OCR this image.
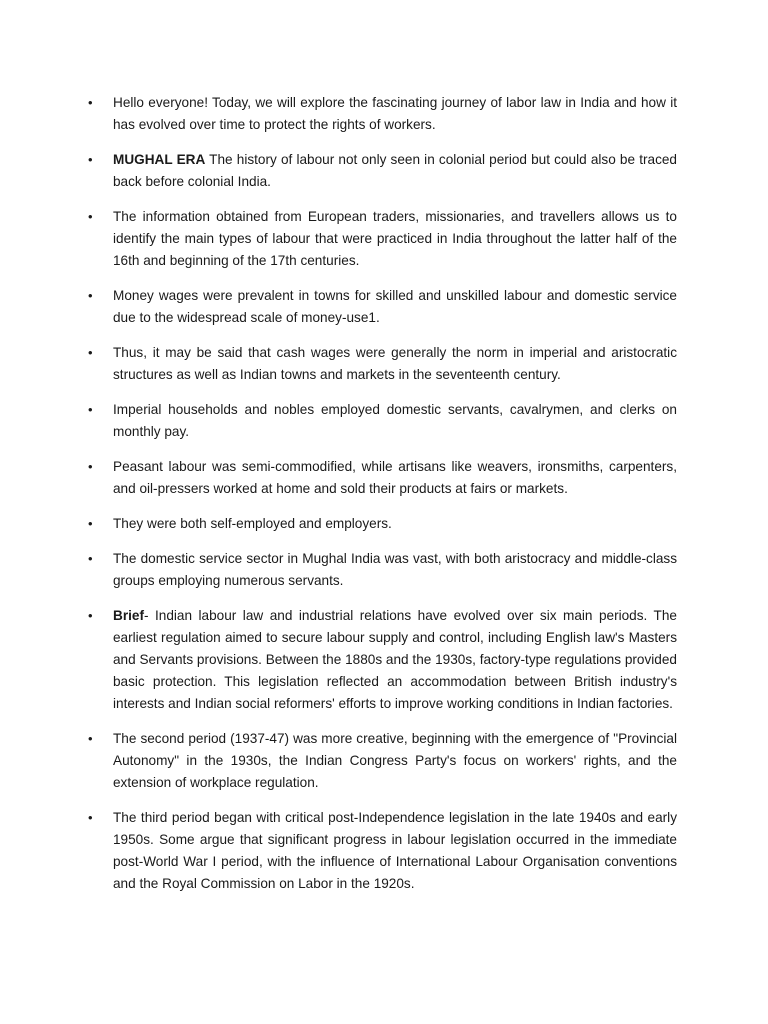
•	Hello everyone! Today, we will explore the fascinating journey of labor law in India and how it has evolved over time to protect the rights of workers.
•	MUGHAL ERA The history of labour not only seen in colonial period but could also be traced back before colonial India.
•	The information obtained from European traders, missionaries, and travellers allows us to identify the main types of labour that were practiced in India throughout the latter half of the 16th and beginning of the 17th centuries.
•	Money wages were prevalent in towns for skilled and unskilled labour and domestic service due to the widespread scale of money-use1.
•	Thus, it may be said that cash wages were generally the norm in imperial and aristocratic structures as well as Indian towns and markets in the seventeenth century.
•	Imperial households and nobles employed domestic servants, cavalrymen, and clerks on monthly pay.
•	Peasant labour was semi-commodified, while artisans like weavers, ironsmiths, carpenters, and oil-pressers worked at home and sold their products at fairs or markets.
•	They were both self-employed and employers.
•	The domestic service sector in Mughal India was vast, with both aristocracy and middle-class groups employing numerous servants.
•	Brief- Indian labour law and industrial relations have evolved over six main periods. The earliest regulation aimed to secure labour supply and control, including English law's Masters and Servants provisions. Between the 1880s and the 1930s, factory-type regulations provided basic protection. This legislation reflected an accommodation between British industry's interests and Indian social reformers' efforts to improve working conditions in Indian factories.
•	The second period (1937-47) was more creative, beginning with the emergence of "Provincial Autonomy" in the 1930s, the Indian Congress Party's focus on workers' rights, and the extension of workplace regulation.
•	The third period began with critical post-Independence legislation in the late 1940s and early 1950s. Some argue that significant progress in labour legislation occurred in the immediate post-World War I period, with the influence of International Labour Organisation conventions and the Royal Commission on Labor in the 1920s.
